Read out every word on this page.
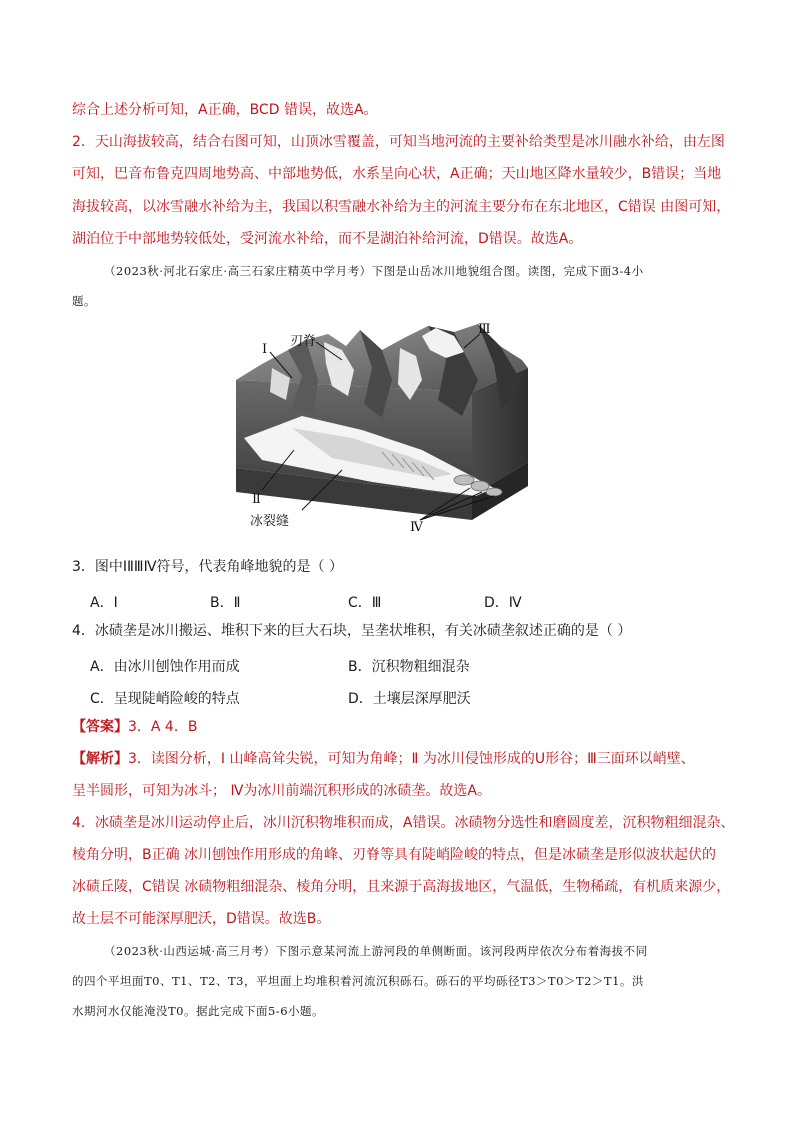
综合上述分析可知，A正确，BCD 错误，故选A。
2．天山海拔较高，结合右图可知，山顶冰雪覆盖，可知当地河流的主要补给类型是冰川融水补给，由左图
可知，巴音布鲁克四周地势高、中部地势低，水系呈向心状，A正确；天山地区降水量较少，B错误；当地
海拔较高，以冰雪融水补给为主，我国以积雪融水补给为主的河流主要分布在东北地区，C错误 由图可知，
湖泊位于中部地势较低处，受河流水补给，而不是湖泊补给河流，D错误。故选A。
（2023秋·河北石家庄·高三石家庄精英中学月考）下图是山岳冰川地貌组合图。读图，完成下面3-4小
题。
Ⅰ
刃脊
Ⅲ
Ⅱ
冰裂缝	Ⅳ
3．图中ⅠⅡⅢⅣ符号，代表角峰地貌的是（ ）
A．Ⅰ	B．Ⅱ	C．Ⅲ	D．Ⅳ
4．冰碛垄是冰川搬运、堆积下来的巨大石块，呈垄状堆积，有关冰碛垄叙述正确的是（ ）
A．由冰川刨蚀作用而成	B．沉积物粗细混杂
C．呈现陡峭险峻的特点	D．土壤层深厚肥沃
【答案】3．A 4．B
【解析】3．读图分析，Ⅰ 山峰高耸尖锐，可知为角峰；Ⅱ 为冰川侵蚀形成的U形谷；Ⅲ三面环以峭壁、
呈半圆形，可知为冰斗； Ⅳ为冰川前端沉积形成的冰碛垄。故选A。
4．冰碛垄是冰川运动停止后，冰川沉积物堆积而成，A错误。冰碛物分选性和磨圆度差，沉积物粗细混杂、
棱角分明，B正确 冰川刨蚀作用形成的角峰、刃脊等具有陡峭险峻的特点，但是冰碛垄是形似波状起伏的
冰碛丘陵，C错误 冰碛物粗细混杂、棱角分明，且来源于高海拔地区，气温低，生物稀疏，有机质来源少，
故土层不可能深厚肥沃，D错误。故选B。
（2023秋·山西运城·高三月考）下图示意某河流上游河段的单侧断面。该河段两岸依次分布着海拔不同
的四个平坦面T0、T1、T2、T3，平坦面上均堆积着河流沉积砾石。砾石的平均砾径T3＞T0＞T2＞T1。洪
水期河水仅能淹没T0。据此完成下面5-6小题。
